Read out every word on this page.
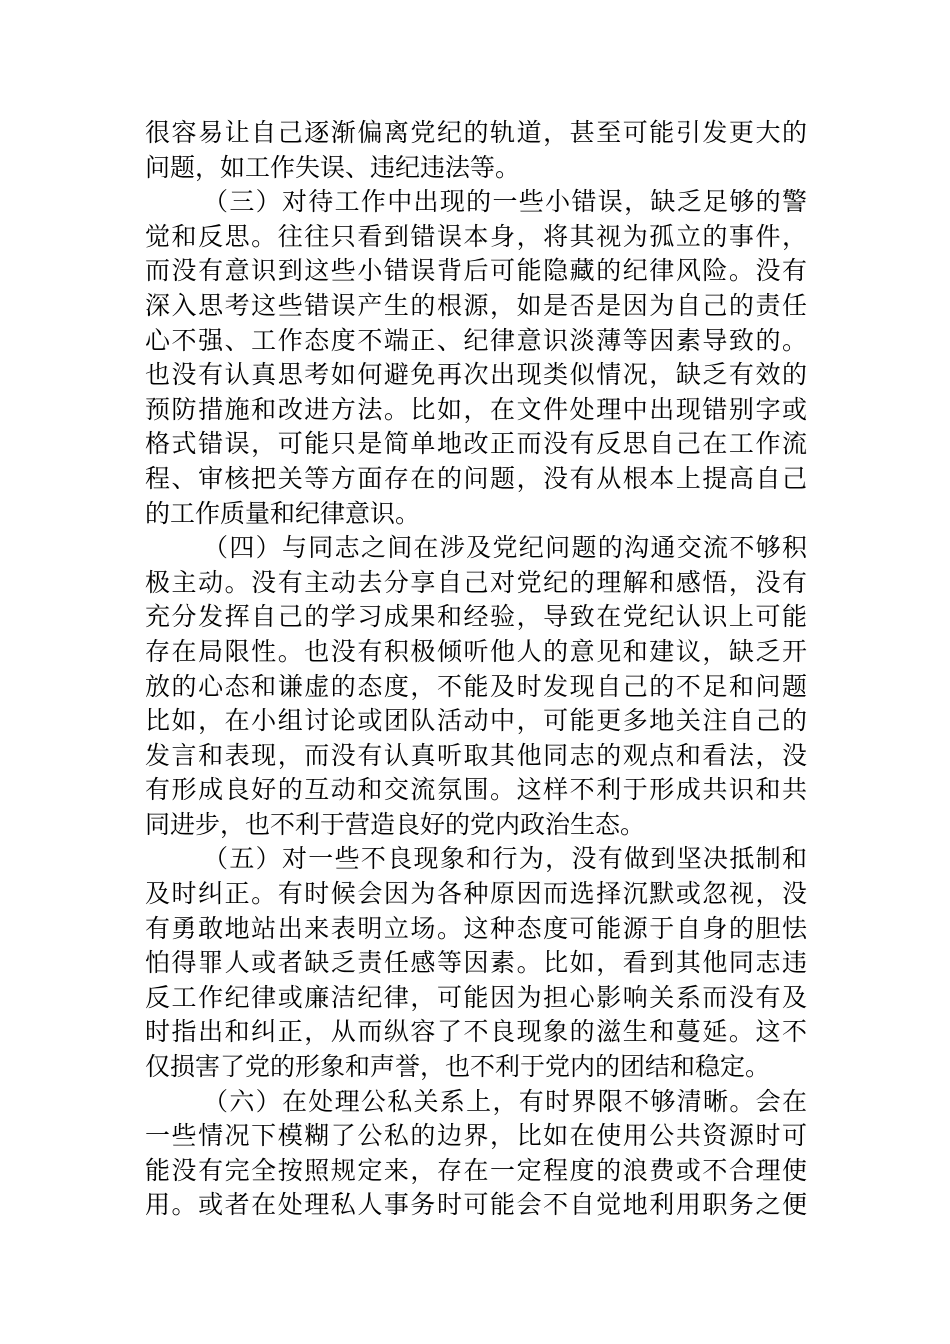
很容易让自己逐渐偏离党纪的轨道，甚至可能引发更大的
问题，如工作失误、违纪违法等。
（三）对待工作中出现的一些小错误，缺乏足够的警
觉和反思。往往只看到错误本身，将其视为孤立的事件，
而没有意识到这些小错误背后可能隐藏的纪律风险。没有
深入思考这些错误产生的根源，如是否是因为自己的责任
心不强、工作态度不端正、纪律意识淡薄等因素导致的。
也没有认真思考如何避免再次出现类似情况，缺乏有效的
预防措施和改进方法。比如，在文件处理中出现错别字或
格式错误，可能只是简单地改正而没有反思自己在工作流
程、审核把关等方面存在的问题，没有从根本上提高自己
的工作质量和纪律意识。
（四）与同志之间在涉及党纪问题的沟通交流不够积
极主动。没有主动去分享自己对党纪的理解和感悟，没有
充分发挥自己的学习成果和经验，导致在党纪认识上可能
存在局限性。也没有积极倾听他人的意见和建议，缺乏开
放的心态和谦虚的态度，不能及时发现自己的不足和问题
比如，在小组讨论或团队活动中，可能更多地关注自己的
发言和表现，而没有认真听取其他同志的观点和看法，没
有形成良好的互动和交流氛围。这样不利于形成共识和共
同进步，也不利于营造良好的党内政治生态。
（五）对一些不良现象和行为，没有做到坚决抵制和
及时纠正。有时候会因为各种原因而选择沉默或忽视，没
有勇敢地站出来表明立场。这种态度可能源于自身的胆怯
怕得罪人或者缺乏责任感等因素。比如，看到其他同志违
反工作纪律或廉洁纪律，可能因为担心影响关系而没有及
时指出和纠正，从而纵容了不良现象的滋生和蔓延。这不
仅损害了党的形象和声誉，也不利于党内的团结和稳定。
（六）在处理公私关系上，有时界限不够清晰。会在
一些情况下模糊了公私的边界，比如在使用公共资源时可
能没有完全按照规定来，存在一定程度的浪费或不合理使
用。或者在处理私人事务时可能会不自觉地利用职务之便
